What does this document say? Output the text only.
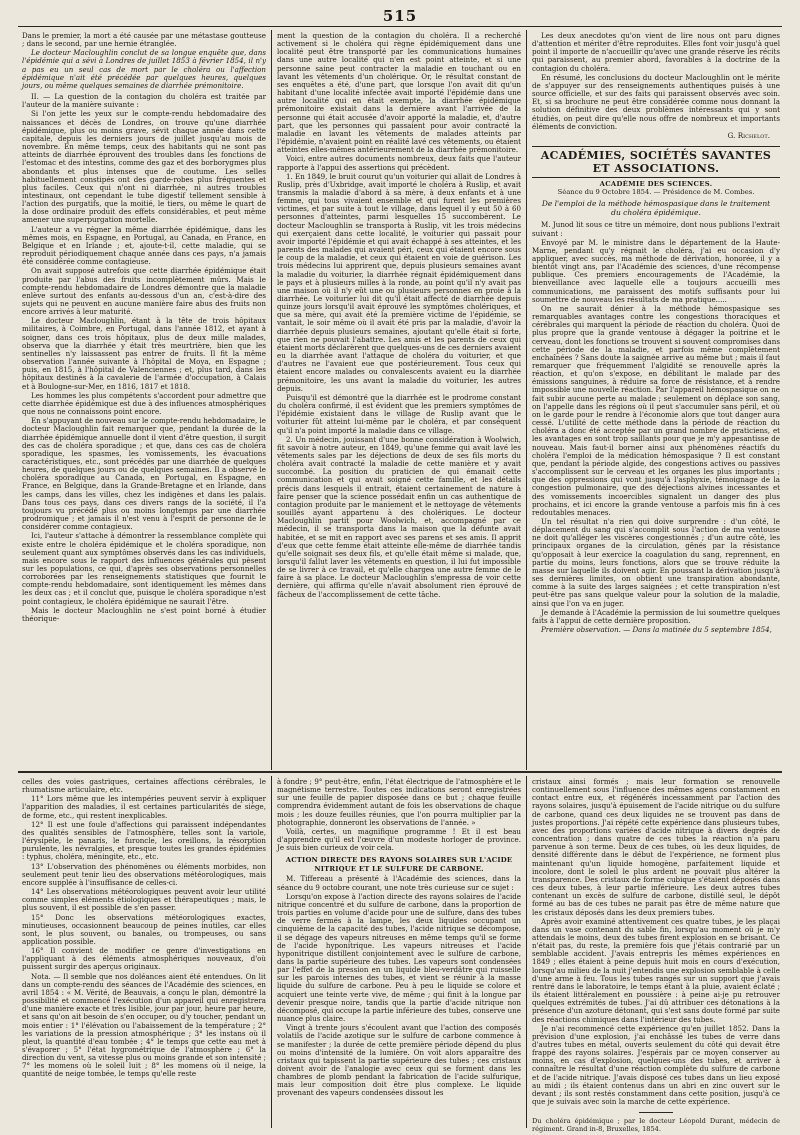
515

Dans le premier, la mort a été causée par une métastase goutteuse ; dans le second, par une hernie étranglée.

Le docteur Macloughlin conclut de sa longue enquête que, dans l'épidémie qui a sévi à Londres de juillet 1853 à février 1854, il n'y a pas eu un seul cas de mort par le choléra ou l'affection épidémique n'ait été précédée par quelques heures, quelques jours, ou même quelques semaines de diarrhée prémonitoire.

II. — La question de la contagion du choléra est traitée par l'auteur de la manière suivante :

Si l'on jette les yeux sur le compte-rendu hebdomadaire des naissances et décès de Londres, on trouve qu'une diarrhée épidémique, plus ou moins grave, sévit chaque année dans cette capitale, depuis les derniers jours de juillet jusqu'au mois de novembre. En même temps, ceux des habitants qui ne sont pas atteints de diarrhée éprouvent des troubles dans les fonctions de l'estomac et des intestins, comme des gaz et des borborygmes plus abondants et plus intenses que de coutume. Les selles habituellement constipés ont des garde-robes plus fréquentes et plus faciles. Ceux qui n'ont ni diarrhée, ni autres troubles intestinaux, ont cependant le tube digestif tellement sensible à l'action des purgatifs, que la moitié, le tiers, ou même le quart de la dose ordinaire produit des effets considérables, et peut même amener une superpurgation mortelle.

L'auteur a vu régner la même diarrhée épidémique, dans les mêmes mois, en Espagne, en Portugal, au Canada, en France, en Belgique et en Irlande ; et, ajoute-t-il, cette maladie, qui se reproduit périodiquement chaque année dans ces pays, n'a jamais été considérée comme contagieuse.

On avait supposé autrefois que cette diarrhée épidémique était produite par l'abus des fruits incomplètement mûrs. Mais le compte-rendu hebdomadaire de Londres démontre que la maladie enlève surtout des enfants au-dessous d'un an, c'est-à-dire des sujets qui ne peuvent en aucune manière faire abus des fruits non encore arrivés à leur maturité.

Le docteur Macloughlin, étant à la tête de trois hôpitaux militaires, à Coimbre, en Portugal, dans l'année 1812, et ayant à soigner, dans ces trois hôpitaux, plus de deux mille malades, observa que la diarrhée y était très meurtrière, bien que les sentinelles n'y laissassent pas entrer de fruits. Il fit la même observation l'année suivante à l'hôpital de Moya, en Espagne ; puis, en 1815, à l'hôpital de Valenciennes ; et, plus tard, dans les hôpitaux destinés à la cavalerie de l'armée d'occupation, à Calais et à Boulogne-sur-Mer, en 1816, 1817 et 1818.

Les hommes les plus compétents s'accordent pour admettre que cette diarrhée épidémique est due à des influences atmosphériques que nous ne connaissons point encore.

En s'appuyant de nouveau sur le compte-rendu hebdomadaire, le docteur Macloughlin fait remarquer que, pendant la durée de la diarrhée épidémique annuelle dont il vient d'être question, il surgit des cas de choléra sporadique ; et que, dans ces cas de choléra sporadique, les spasmes, les vomissements, les évacuations caractéristiques, etc., sont précédés par une diarrhée de quelques heures, de quelques jours ou de quelques semaines. Il a observé le choléra sporadique au Canada, en Portugal, en Espagne, en France, en Belgique, dans la Grande-Bretagne et en Irlande, dans les camps, dans les villes, chez les indigènes et dans les palais. Dans tous ces pays, dans ces divers rangs de la société, il l'a toujours vu précédé plus ou moins longtemps par une diarrhée prodromique ; et jamais il n'est venu à l'esprit de personne de le considérer comme contagieux.

Ici, l'auteur s'attache à démontrer la ressemblance complète qui existe entre le choléra épidémique et le choléra sporadique, non seulement quant aux symptômes observés dans les cas individuels, mais encore sous le rapport des influences générales qui pèsent sur les populations, ce qui, d'après ses observations personnelles corroborées par les renseignements statistiques que fournit le compte-rendu hebdomadaire, sont identiquement les mêmes dans les deux cas ; et il conclut que, puisque le choléra sporadique n'est point contagieux, le choléra épidémique ne saurait l'être.

Mais le docteur Macloughlin ne s'est point borné à étudier théorique-

ment la question de la contagion du choléra. Il a recherché activement si le choléra qui règne épidémiquement dans une localité peut être transporté par les communications humaines dans une autre localité qui n'en est point atteinte, et si une personne saine peut contracter la maladie en touchant ou en lavant les vêtements d'un cholérique. Or, le résultat constant de ses enquêtes a été, d'une part, que lorsque l'on avait dit qu'un habitant d'une localité infectée avait importé l'épidémie dans une autre localité qui en était exempte, la diarrhée épidémique prémonitoire existait dans la dernière avant l'arrivée de la personne qui était accusée d'avoir apporté la maladie, et, d'autre part, que les personnes qui passaient pour avoir contracté la maladie en lavant les vêtements de malades atteints par l'épidémie, n'avaient point en réalité lavé ces vêtements, ou étaient atteintes elles-mêmes antérieurement de la diarrhée prémonitoire.

Voici, entre autres documents nombreux, deux faits que l'auteur rapporte à l'appui des assertions qui précèdent.

1. En 1849, le bruit courut qu'un voiturier qui allait de Londres à Ruslip, près d'Uxbridge, avait importé le choléra à Ruslip, et avait transmis la maladie d'abord à sa mère, à deux enfants et à une femme, qui tous vivaient ensemble et qui furent les premières victimes, et par suite à tout le village, dans lequel il y eut 50 à 60 personnes d'atteintes, parmi lesquelles 15 succombèrent. Le docteur Macloughlin se transporta à Ruslip, vit les trois médecins qui exerçaient dans cette localité, le voiturier qui passait pour avoir importé l'épidémie et qui avait échappé à ses atteintes, et les parents des malades qui avaient péri, ceux qui étaient encore sous le coup de la maladie, et ceux qui étaient en voie de guérison. Les trois médecins lui apprirent que, depuis plusieurs semaines avant la maladie du voiturier, la diarrhée régnait épidémiquement dans le pays et à plusieurs milles à la ronde, au point qu'il n'y avait pas une maison où il n'y eût une ou plusieurs personnes en proie à la diarrhée. Le voiturier lui dit qu'il était affecté de diarrhée depuis quinze jours lorsqu'il avait éprouvé les symptômes cholériques, et que sa mère, qui avait été la première victime de l'épidémie, se vantait, le soir même où il avait été pris par la maladie, d'avoir la diarrhée depuis plusieurs semaines, ajoutant qu'elle était si forte, que rien ne pouvait l'abattre. Les amis et les parents de ceux qui étaient morts déclarèrent que quelques-uns de ces derniers avaient eu la diarrhée avant l'attaque de choléra du voiturier, et que d'autres ne l'avaient eue que postérieurement. Tous ceux qui étaient encore malades ou convalescents avaient eu la diarrhée prémonitoire, les uns avant la maladie du voiturier, les autres depuis.

Puisqu'il est démontré que la diarrhée est le prodrome constant du choléra confirmé, il est évident que les premiers symptômes de l'épidémie existaient dans le village de Ruslip avant que le voiturier fût atteint lui-même par le choléra, et par conséquent qu'il n'a point importé la maladie dans ce village.

2. Un médecin, jouissant d'une bonne considération à Woolwich, fit savoir à notre auteur, en 1849, qu'une femme qui avait lavé les vêtements sales par les déjections de deux de ses fils morts du choléra avait contracté la maladie de cette manière et y avait succombé. La position du praticien de qui émanait cette communication et qui avait soigné cette famille, et les détails précis dans lesquels il entrait, étaient certainement de nature à faire penser que la science possédait enfin un cas authentique de contagion produite par le maniement et le nettoyage de vêtements souillés ayant appartenu à des cholériques. Le docteur Macloughlin partit pour Woolwich, et, accompagné par ce médecin, il se transporta dans la maison que la défunte avait habitée, et se mit en rapport avec ses parens et ses amis. Il apprit d'eux que cette femme était atteinte elle-même de diarrhée tandis qu'elle soignait ses deux fils, et qu'elle était même si malade, que, lorsqu'il fallut laver les vêtements en question, il lui fut impossible de se livrer à ce travail, et qu'elle chargea une autre femme de le faire à sa place. Le docteur Macloughlin s'empressa de voir cette dernière, qui affirma qu'elle n'avait absolument rien éprouvé de fâcheux de l'accomplissement de cette tâche.

Les deux anecdotes qu'on vient de lire nous ont paru dignes d'attention et mériter d'être reproduites. Elles font voir jusqu'à quel point il importe de n'accueillir qu'avec une grande réserve les récits qui paraissent, au premier abord, favorables à la doctrine de la contagion du choléra.

En résumé, les conclusions du docteur Macloughlin ont le mérite de s'appuyer sur des renseignements authentiques puisés à une source officielle, et sur des faits qui paraissent observés avec soin. Et, si sa brochure ne peut être considérée comme nous donnant la solution définitive des deux problèmes intéressants qui y sont étudiés, on peut dire qu'elle nous offre de nombreux et importants éléments de conviction.

G. Richelot.
ACADÉMIES, SOCIÉTÉS SAVANTES ET ASSOCIATIONS.
ACADÉMIE DES SCIENCES.
Séance du 9 Octobre 1854. — Présidence de M. Combes.
De l'emploi de la méthode hémospasique dans le traitement du choléra épidémique.

M. Junod lit sous ce titre un mémoire, dont nous publions l'extrait suivant :

Envoyé par M. le ministre dans le département de la Haute-Marne, pendant qu'y régnait le choléra, j'ai eu occasion d'y appliquer, avec succès, ma méthode de dérivation, honorée, il y a bientôt vingt ans, par l'Académie des sciences, d'une récompense publique. Ces premiers encouragements de l'Académie, la bienveillance avec laquelle elle a toujours accueilli mes communications, me paraissent des motifs suffisants pour lui soumettre de nouveau les résultats de ma pratique.....

On ne saurait dénier à la méthode hémospasique ses remarquables avantages contre les congestions thoraciques et cérébrales qui marquent la période de réaction du choléra. Quoi de plus propre que la grande ventouse à dégager la poitrine et le cerveau, dont les fonctions se trouvent si souvent compromises dans cette période de la maladie, et parfois même complètement enchaînées ? Sans doute la saignée arrive au même but ; mais il faut remarquer que fréquemment l'algidité se renouvelle après la réaction, et qu'on s'expose, en débilitant le malade par des émissions sanguines, à réduire sa force de résistance, et à rendre impossible une nouvelle réaction. Par l'appareil hémospasique on ne fait subir aucune perte au malade ; seulement on déplace son sang, on l'appelle dans les régions où il peut s'accumuler sans péril, et où on le garde pour le rendre à l'économie alors que tout danger aura cessé. L'utilité de cette méthode dans la période de réaction du choléra a donc été acceptée par un grand nombre de praticiens, et les avantages en sont trop saillants pour que je m'y appesantisse de nouveau. Mais faut-il borner ainsi aux phénomènes réactifs du choléra l'emploi de la médication hémospasique ? Il est constant que, pendant la période algide, des congestions actives ou passives s'accomplissent sur le cerveau et les organes les plus importants ; que des oppressions qui vont jusqu'à l'asphyxie, témoignage de la congestion pulmonaire, que des déjections alvines incessantes et des vomissements incoercibles signalent un danger des plus prochains, et ici encore la grande ventouse a parfois mis fin à ces redoutables menaces.

Un tel résultat n'a rien qui doive surprendre : d'un côté, le déplacement du sang qui s'accomplit sous l'action de ma ventouse ne doit qu'alléger les viscères congestionnés ; d'un autre côté, les principaux organes de la circulation, gênés par la résistance qu'opposait à leur exercice la coagulation du sang, reprennent, en partie du moins, leurs fonctions, alors que se trouve réduite la masse sur laquelle ils doivent agir. En poussant la dérivation jusqu'à ses dernières limites, on obtient une transpiration abondante, comme à la suite des larges saignées ; et cette transpiration n'est peut-être pas sans quelque valeur pour la solution de la maladie, ainsi que l'on va en juger.

Je demande à l'Académie la permission de lui soumettre quelques faits à l'appui de cette dernière proposition.

Première observation. — Dans la matinée du 5 septembre 1854,

celles des voies gastriques, certaines affections cérébrales, le rhumatisme articulaire, etc.

11° Lors même que les intempéries peuvent servir à expliquer l'apparition des maladies, il est certaines particularités de siège, de forme, etc., qui restent inexplicables.

12° Il est une foule d'affections qui paraissent indépendantes des qualités sensibles de l'atmosphère, telles sont la variole, l'érysipèle, le panaris, le furoncle, les oreillons, la résorption purulente, les névralgies, et presque toutes les grandes épidémies : typhus, choléra, méningite, etc., etc.

13° L'observation des phénomènes ou éléments morbides, non seulement peut tenir lieu des observations météorologiques, mais encore supplée à l'insuffisance de celles-ci.

14° Les observations météorologiques peuvent avoir leur utilité comme simples éléments étiologiques et thérapeutiques ; mais, le plus souvent, il est possible de s'en passer.

15° Donc les observations météorologiques exactes, minutieuses, occasionnent beaucoup de peines inutiles, car elles sont, le plus souvent, ou banales, ou trompeuses, ou sans application possible.

16° Il convient de modifier ce genre d'investigations en l'appliquant à des éléments atmosphériques nouveaux, d'où puissent surgir des aperçus originaux.

Nota. — Il semble que nos doléances aient été entendues. On lit dans un compte-rendu des séances de l'Académie des sciences, en avril 1854 : « M. Vérité, de Beauvais, a conçu le plan, démontré la possibilité et commencé l'exécution d'un appareil qui enregistrera d'une manière exacte et très lisible, jour par jour, heure par heure, et sans qu'on ait besoin de s'en occuper, ou d'y toucher, pendant un mois entier : 1° l'élévation ou l'abaissement de la température ; 2° les variations de la pression atmosphérique ; 3° les instans où il pleut, la quantité d'eau tombée ; 4° le temps que cette eau met à s'évaporer ; 5° l'état hygrométrique de l'atmosphère ; 6° la direction du vent, sa vitesse plus ou moins grande et son intensité ; 7° les momens où le soleil luit ; 8° les momens où il neige, la quantité de neige tombée, le temps qu'elle reste

à fondre ; 9° peut-être, enfin, l'état électrique de l'atmosphère et le magnétisme terrestre. Toutes ces indications seront enregistrées sur une feuille de papier disposée dans ce but ; chaque feuille comprendra évidemment autant de fois les observations de chaque mois ; les douze feuilles réunies, que l'on pourra multiplier par la photographie, donneront les observations de l'année. »

Voilà, certes, un magnifique programme ! Et il est beau d'apprendre qu'il est l'œuvre d'un modeste horloger de province. Je suis bien curieux de voir cela.

ACTION DIRECTE DES RAYONS SOLAIRES SUR L'ACIDE NITRIQUE ET LE SULFURE DE CARBONE.

M. Tiffereau a présenté à l'Académie des sciences, dans la séance du 9 octobre courant, une note très curieuse sur ce sujet :

Lorsqu'on expose à l'action directe des rayons solaires de l'acide nitrique concentré et du sulfure de carbone, dans la proportion de trois parties en volume d'acide pour une de sulfure, dans des tubes de verre fermés à la lampe, les deux liquides occupant un cinquième de la capacité des tubes, l'acide nitrique se décompose, il se dégage des vapeurs nitreuses en même temps qu'il se forme de l'acide hyponitrique. Les vapeurs nitreuses et l'acide hyponitrique distillent conjointement avec le sulfure de carbone, dans la partie supérieure des tubes. Les vapeurs sont condensées par l'effet de la pression en un liquide bleu-verdâtre qui ruisselle sur les parois internes des tubes, et vient se réunir à la masse liquide du sulfure de carbone. Peu à peu le liquide se colore et acquiert une teinte verte vive, de même ; qui finit à la longue par devenir presque noire, tandis que la partie d'acide nitrique non décomposé, qui occupe la partie inférieure des tubes, conserve une nuance plus claire.

Vingt à trente jours s'écoulent avant que l'action des composés volatils de l'acide azotique sur le sulfure de carbone commence à se manifester ; la durée de cette première période dépend du plus ou moins d'intensité de la lumière. On voit alors apparaître des cristaux qui tapissent la partie supérieure des tubes ; ces cristaux doivent avoir de l'analogie avec ceux qui se forment dans les chambres de plomb pendant la fabrication de l'acide sulfurique, mais leur composition doit être plus complexe. Le liquide provenant des vapeurs condensées dissout les

cristaux ainsi formés ; mais leur formation se renouvelle continuellement sous l'influence des mêmes agens constamment en contact entre eux, et régénérés incessamment par l'action des rayons solaires, jusqu'à épuisement de l'acide nitrique ou du sulfure de carbone, quand ces deux liquides ne se trouvent pas dans de justes proportions. J'ai répété cette expérience dans plusieurs tubes, avec des proportions variées d'acide nitrique à divers degrés de concentration ; dans quatre de ces tubes la réaction n'a paru parvenue à son terme. Deux de ces tubes, où les deux liquides, de densité différente dans le début de l'expérience, ne forment plus maintenant qu'un liquide homogène, parfaitement liquide et incolore, dont le soleil le plus ardent ne pouvait plus altérer la transparence. Des cristaux de forme cubique s'étaient déposés dans ces deux tubes, à leur partie inférieure. Les deux autres tubes contenant un excès de sulfure de carbone, distillé seul, le dépôt formé au bas de ces tubes ne parait pas être de même nature que les cristaux déposés dans les deux premiers tubes.

Après avoir examiné attentivement ces quatre tubes, je les plaçai dans un vase contenant du sable fin, lorsqu'au moment où je m'y attendais le moins, deux des tubes firent explosion en se brisant. Ce n'était pas, du reste, la première fois que j'étais contrarié par un semblable accident. J'avais entrepris les mêmes expériences en 1849 ; elles étaient à peine depuis huit mois en cours d'exécution, lorsqu'au milieu de la nuit j'entendis une explosion semblable à celle d'une arme à feu. Tous les tubes rangés sur un support que j'avais rentré dans le laboratoire, le temps étant à la pluie, avaient éclaté ; ils étaient littéralement en poussière : à peine ai-je pu retrouver quelques extrémités de tubes. J'ai dû attribuer ces détonations à la présence d'un azoture détonant, qui s'est sans doute formé par suite des réactions chimiques dans l'intérieur des tubes.

Je n'ai recommencé cette expérience qu'en juillet 1852. Dans la prévision d'une explosion, j'ai enchâssé les tubes de verre dans d'autres tubes en métal, ouverts seulement du côté qui devait être frappé des rayons solaires. J'espérais par ce moyen conserver au moins, en cas d'explosion, quelques-uns des tubes, et arriver à connaître le résultat d'une réaction complète du sulfure de carbone et de l'acide nitrique. J'avais disposé ces tubes dans un lieu exposé au midi ; ils étaient contenus dans un abri en zinc ouvert sur le devant ; ils sont restés constamment dans cette position, jusqu'à ce que je suivais avec soin la marche de cette expérience.

Du choléra épidémique ; par le docteur Léopold Durant, médecin de régiment. Grand in-8, Bruxelles, 1854.
